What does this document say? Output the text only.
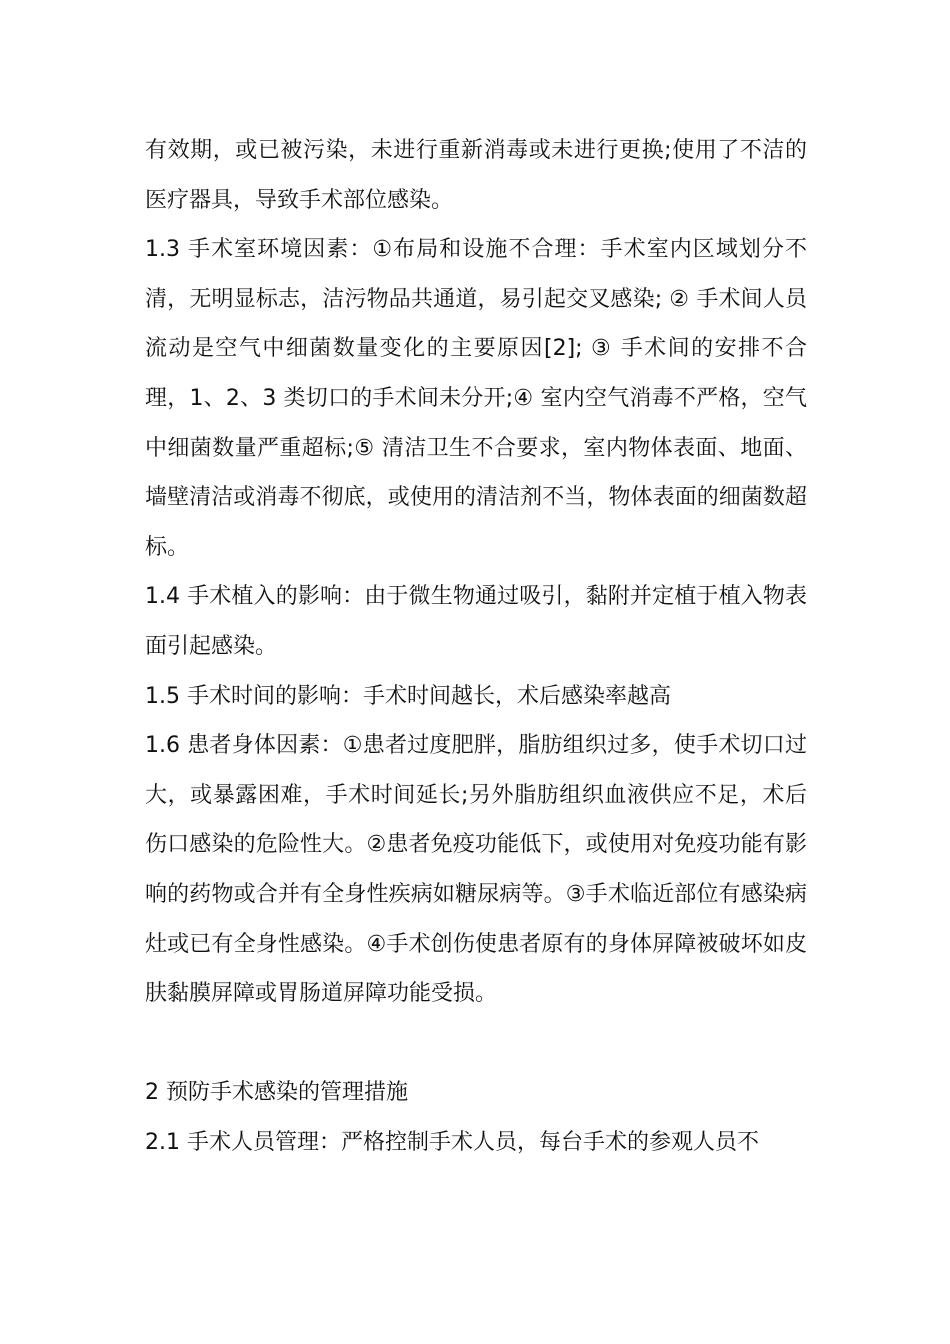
有效期，或已被污染，未进行重新消毒或未进行更换;使用了不洁的医疗器具，导致手术部位感染。

1.3 手术室环境因素：①布局和设施不合理：手术室内区域划分不清，无明显标志，洁污物品共通道，易引起交叉感染; ② 手术间人员流动是空气中细菌数量变化的主要原因[2]; ③ 手术间的安排不合理，1、2、3 类切口的手术间未分开;④ 室内空气消毒不严格，空气中细菌数量严重超标;⑤ 清洁卫生不合要求，室内物体表面、地面、墙壁清洁或消毒不彻底，或使用的清洁剂不当，物体表面的细菌数超标。

1.4 手术植入的影响：由于微生物通过吸引，黏附并定植于植入物表面引起感染。

1.5 手术时间的影响：手术时间越长，术后感染率越高

1.6 患者身体因素：①患者过度肥胖，脂肪组织过多，使手术切口过大，或暴露困难，手术时间延长;另外脂肪组织血液供应不足，术后伤口感染的危险性大。②患者免疫功能低下，或使用对免疫功能有影响的药物或合并有全身性疾病如糖尿病等。③手术临近部位有感染病灶或已有全身性感染。④手术创伤使患者原有的身体屏障被破坏如皮肤黏膜屏障或胃肠道屏障功能受损。

2 预防手术感染的管理措施

2.1 手术人员管理：严格控制手术人员，每台手术的参观人员不
